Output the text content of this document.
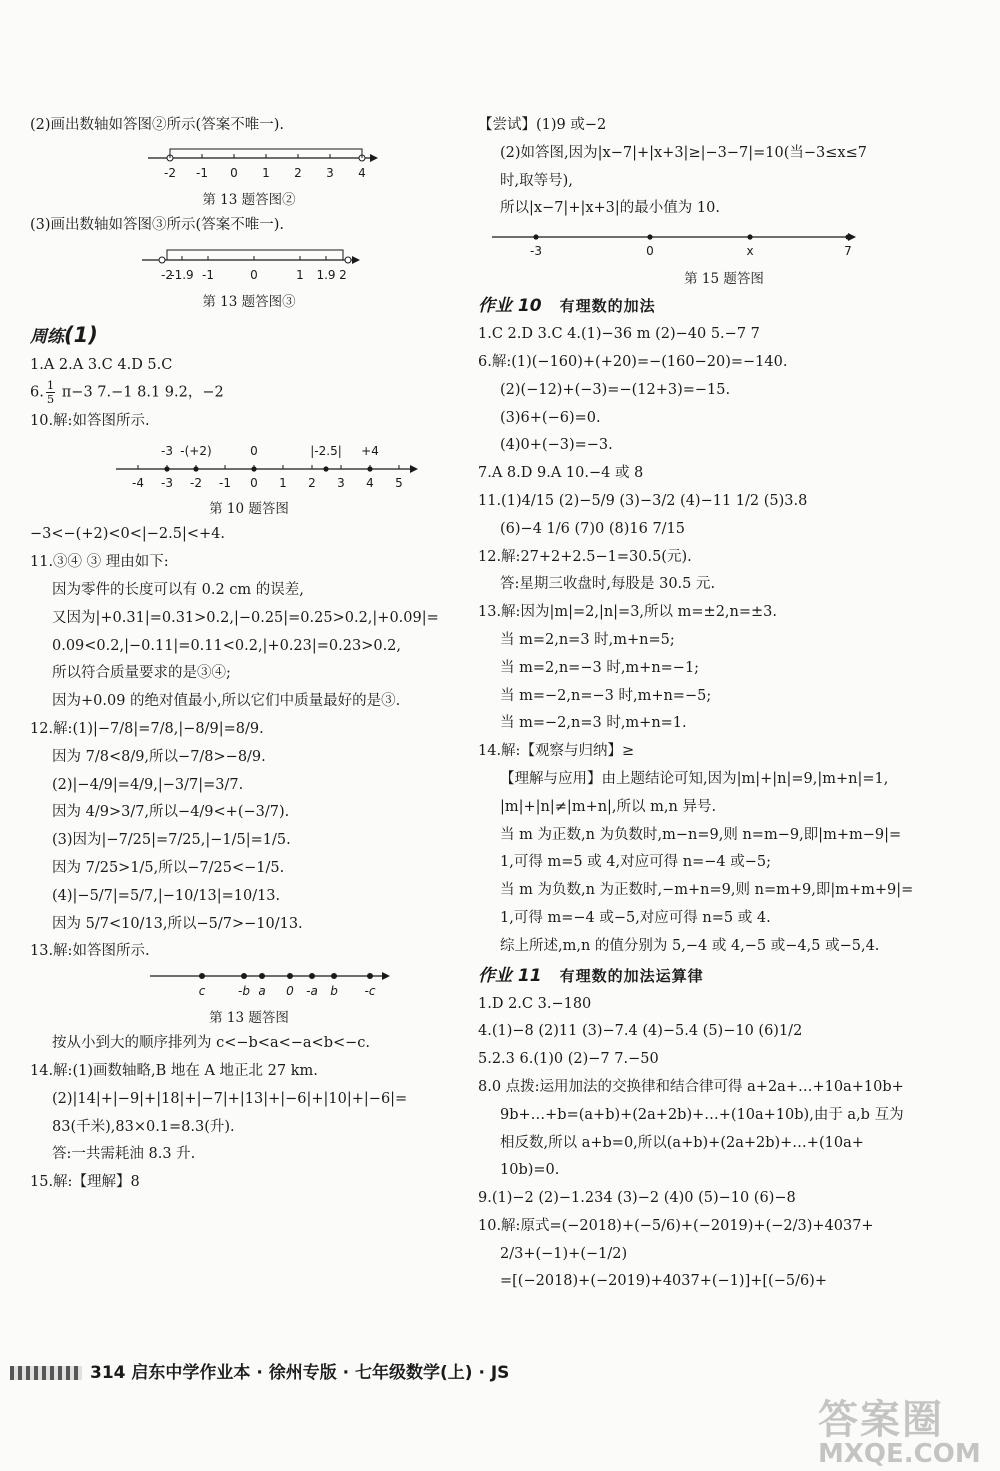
(2)画出数轴如答图②所示(答案不唯一).
-2 -1 0 1 2 3 4
第 13 题答图②
(3)画出数轴如答图③所示(答案不唯一).
-2
-1.9 -1	0	1 1.9 2
第 13 题答图③
周练(1)
1.A 2.A 3.C 4.D 5.C
6. $\frac{1}{5} \pi-3$ 7.−1 8.1 9.2，−2
10.解:如答图所示.
-4 -3 -2 -1 0 1 2 3 4 5
-3 -(+2)	0	|-2.5| +4
第 10 题答图
−3<−(+2)<0<|−2.5|<+4.
11.③④ ③ 理由如下:
因为零件的长度可以有 0.2 cm 的误差,
又因为|+0.31|=0.31>0.2,|−0.25|=0.25>0.2,|+0.09|=
0.09<0.2,|−0.11|=0.11<0.2,|+0.23|=0.23>0.2,
所以符合质量要求的是③④;
因为+0.09 的绝对值最小,所以它们中质量最好的是③.
12.解:(1)|−7/8|=7/8,|−8/9|=8/9.
因为 7/8<8/9,所以−7/8>−8/9.
(2)|−4/9|=4/9,|−3/7|=3/7.
因为 4/9>3/7,所以−4/9<+(−3/7).
(3)因为|−7/25|=7/25,|−1/5|=1/5.
因为 7/25>1/5,所以−7/25<−1/5.
(4)|−5/7|=5/7,|−10/13|=10/13.
因为 5/7<10/13,所以−5/7>−10/13.
13.解:如答图所示.
c	-b a 0 -a b -c
第 13 题答图
按从小到大的顺序排列为 c<−b<a<−a<b<−c.
14.解:(1)画数轴略,B 地在 A 地正北 27 km.
(2)|14|+|−9|+|18|+|−7|+|13|+|−6|+|10|+|−6|=
83(千米),83×0.1=8.3(升).
答:一共需耗油 8.3 升.
15.解:【理解】8
【尝试】(1)9 或−2
(2)如答图,因为|x−7|+|x+3|≥|−3−7|=10(当−3≤x≤7
时,取等号),
所以|x−7|+|x+3|的最小值为 10.
-3	0	x	7
第 15 题答图
作业 10 有理数的加法
1.C 2.D 3.C 4.(1)−36 m (2)−40 5.−7 7
6.解:(1)(−160)+(+20)=−(160−20)=−140.
(2)(−12)+(−3)=−(12+3)=−15.
(3)6+(−6)=0.
(4)0+(−3)=−3.
7.A 8.D 9.A 10.−4 或 8
11.(1)4/15 (2)−5/9 (3)−3/2 (4)−11 1/2 (5)3.8
(6)−4 1/6 (7)0 (8)16 7/15
12.解:27+2+2.5−1=30.5(元).
答:星期三收盘时,每股是 30.5 元.
13.解:因为|m|=2,|n|=3,所以 m=±2,n=±3.
当 m=2,n=3 时,m+n=5;
当 m=2,n=−3 时,m+n=−1;
当 m=−2,n=−3 时,m+n=−5;
当 m=−2,n=3 时,m+n=1.
14.解:【观察与归纳】≥
【理解与应用】由上题结论可知,因为|m|+|n|=9,|m+n|=1,
|m|+|n|≠|m+n|,所以 m,n 异号.
当 m 为正数,n 为负数时,m−n=9,则 n=m−9,即|m+m−9|=
1,可得 m=5 或 4,对应可得 n=−4 或−5;
当 m 为负数,n 为正数时,−m+n=9,则 n=m+9,即|m+m+9|=
1,可得 m=−4 或−5,对应可得 n=5 或 4.
综上所述,m,n 的值分别为 5,−4 或 4,−5 或−4,5 或−5,4.
作业 11 有理数的加法运算律
1.D 2.C 3.−180
4.(1)−8 (2)11 (3)−7.4 (4)−5.4 (5)−10 (6)1/2
5.2.3 6.(1)0 (2)−7 7.−50
8.0 点拨:运用加法的交换律和结合律可得 a+2a+…+10a+10b+
9b+…+b=(a+b)+(2a+2b)+…+(10a+10b),由于 a,b 互为
相反数,所以 a+b=0,所以(a+b)+(2a+2b)+…+(10a+
10b)=0.
9.(1)−2 (2)−1.234 (3)−2 (4)0 (5)−10 (6)−8
10.解:原式=(−2018)+(−5/6)+(−2019)+(−2/3)+4037+
2/3+(−1)+(−1/2)
=[(−2018)+(−2019)+4037+(−1)]+[(−5/6)+
314 启东中学作业本 · 徐州专版 · 七年级数学(上) · JS
答案圈
MXQE.COM
